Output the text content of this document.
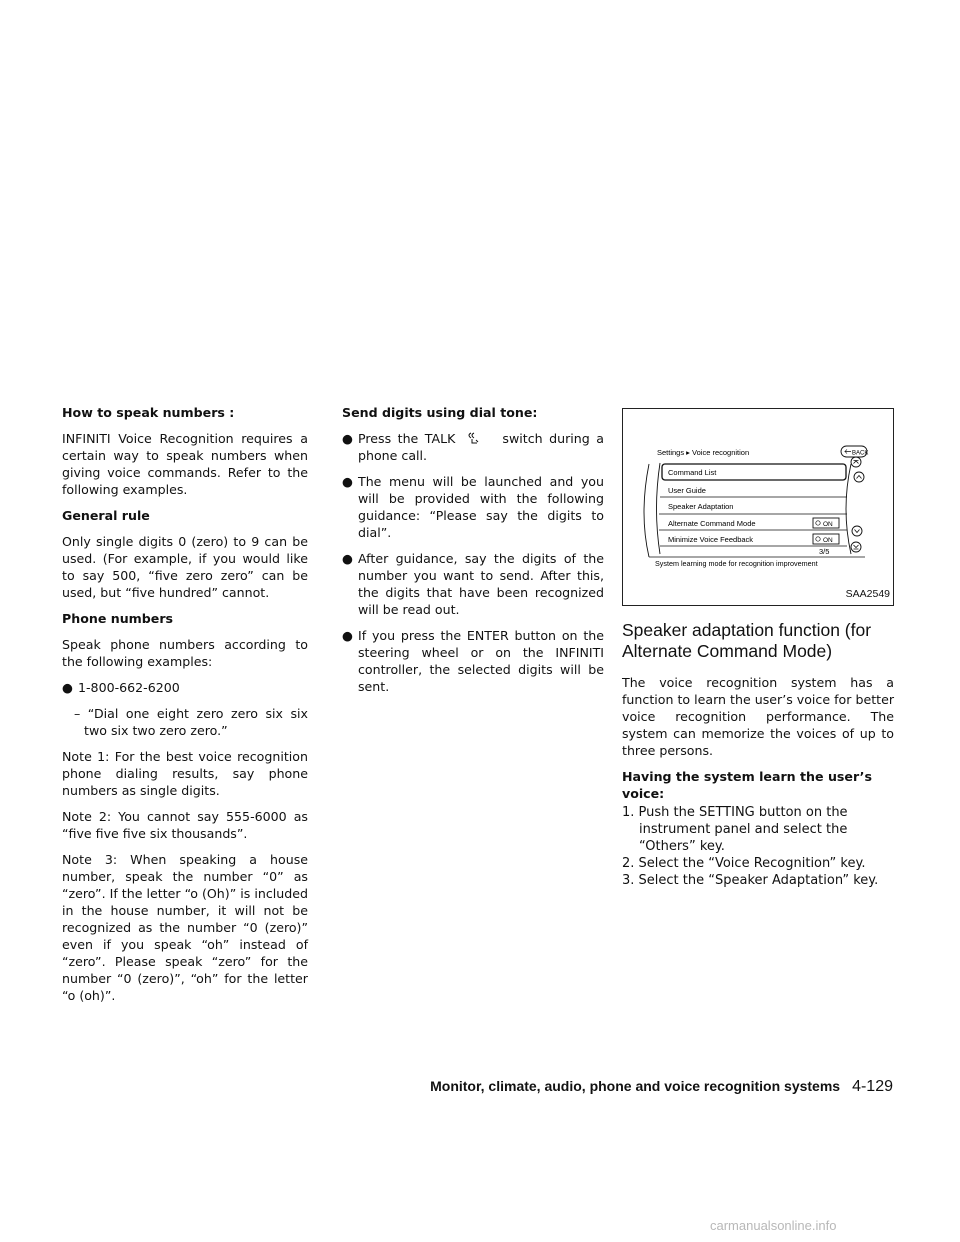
How to speak numbers :

INFINITI Voice Recognition requires a certain way to speak numbers when giving voice commands. Refer to the following examples.

General rule

Only single digits 0 (zero) to 9 can be used. (For example, if you would like to say 500, “five zero zero” can be used, but “five hundred” cannot.

Phone numbers

Speak phone numbers according to the following examples:

● 1-800-662-6200

– “Dial one eight zero zero six six two six two zero zero.”

Note 1: For the best voice recognition phone dialing results, say phone numbers as single digits.

Note 2: You cannot say 555-6000 as “five five five six thousands”.

Note 3: When speaking a house number, speak the number “0” as “zero”. If the letter “o (Oh)” is included in the house number, it will not be recognized as the number “0 (zero)” even if you speak “oh” instead of “zero”. Please speak “zero” for the number “0 (zero)”, “oh” for the letter “o (oh)”.

Send digits using dial tone:

● Press the TALK	switch during a phone call.
● The menu will be launched and you will be provided with the following guidance: “Please say the digits to dial”.
● After guidance, say the digits of the number you want to send. After this, the digits that have been recognized will be read out.
● If you press the ENTER button on the steering wheel or on the INFINITI controller, the selected digits will be sent.
Settings ▸ Voice recognition	BACK
Command List
User Guide
Speaker Adaptation
Alternate Command Mode	ON
Minimize Voice Feedback	ON
3/5
System learning mode for recognition improvement
SAA2549
Speaker adaptation function (for
Alternate Command Mode)

The voice recognition system has a function to learn the user’s voice for better voice recognition performance. The system can memorize the voices of up to three persons.

Having the system learn the user’s voice:

1. Push the SETTING button on the instrument panel and select the “Others” key.
2. Select the “Voice Recognition” key.
3. Select the “Speaker Adaptation” key.
Monitor, climate, audio, phone and voice recognition systems 4-129
carmanualsonline.info
